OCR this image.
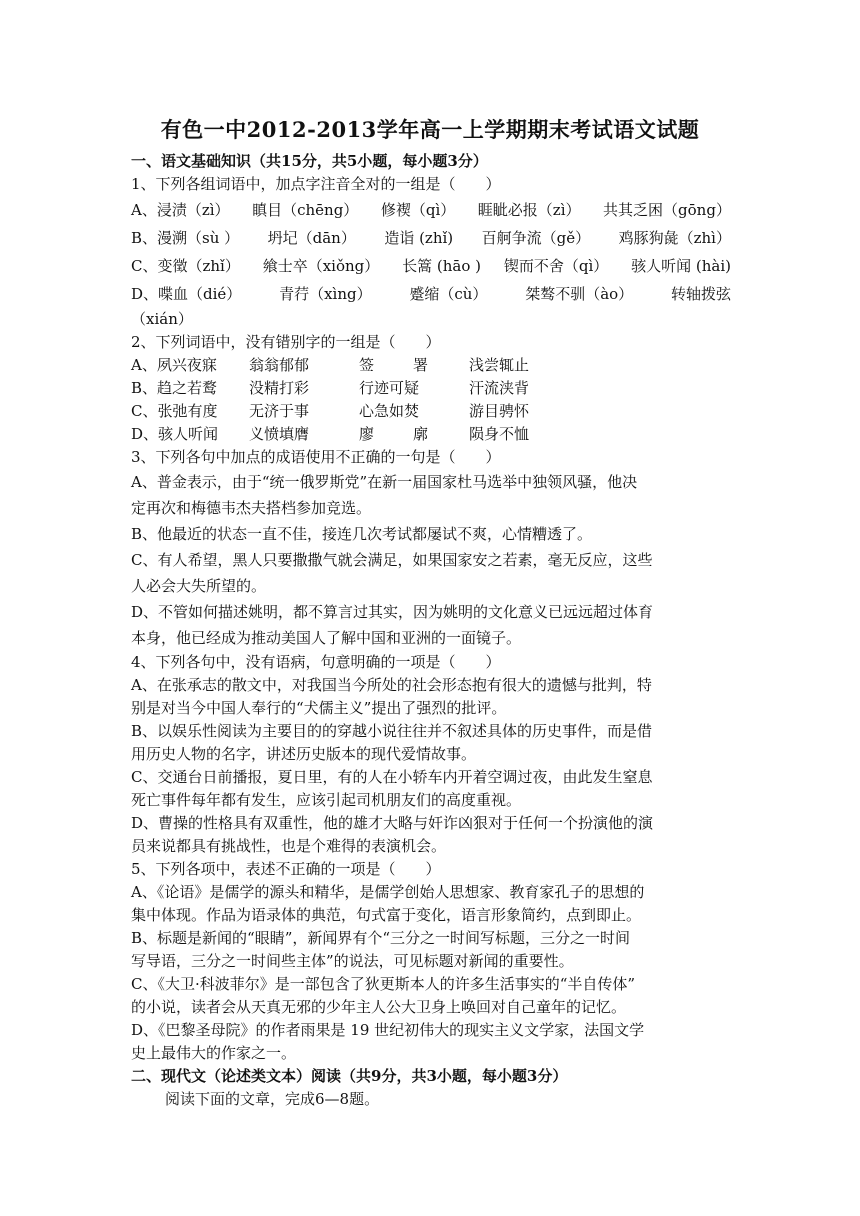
有色一中2012-2013学年高一上学期期末考试语文试题
一、语文基础知识（共15分，共5小题，每小题3分）
1、下列各组词语中，加点字注音全对的一组是（　　）
A、浸渍（zì） 瞋目（chēng） 修褉（qì） 睚眦必报（zì） 共其乏困（gōng）
B、漫溯（sù ） 坍圮（dān） 造诣 (zhǐ) 百舸争流（gě） 鸡豚狗彘（zhì）
C、变徵（zhǐ） 飨士卒（xiǒng） 长篙 (hāo ) 锲而不舍（qì） 骇人听闻 (hài)
D、喋血（dié）	青荇（xìng）	蹙缩（cù）	桀骜不驯（ào）	转轴拨弦
（xián）
2、下列词语中，没有错别字的一组是（　　）
A、夙兴夜寐 翁翁郁郁	签	署	浅尝辄止
B、趋之若鹜 没精打彩	行迹可疑	汗流浃背
C、张弛有度 无济于事	心急如焚	游目骋怀
D、骇人听闻 义愤填膺	廖	廓	陨身不恤
3、下列各句中加点的成语使用不正确的一句是（　　）
A、普金表示，由于“统一俄罗斯党”在新一届国家杜马选举中独领风骚，他决
定再次和梅德韦杰夫搭档参加竞选。
B、他最近的状态一直不佳，接连几次考试都屡试不爽，心情糟透了。
C、有人希望，黑人只要撒撒气就会满足，如果国家安之若素，毫无反应，这些
人必会大失所望的。
D、不管如何描述姚明，都不算言过其实，因为姚明的文化意义已远远超过体育
本身，他已经成为推动美国人了解中国和亚洲的一面镜子。
4、下列各句中，没有语病，句意明确的一项是（　　）
A、在张承志的散文中，对我国当今所处的社会形态抱有很大的遗憾与批判，特
别是对当今中国人奉行的“犬儒主义”提出了强烈的批评。
B、以娱乐性阅读为主要目的的穿越小说往往并不叙述具体的历史事件，而是借
用历史人物的名字，讲述历史版本的现代爱情故事。
C、交通台日前播报，夏日里，有的人在小轿车内开着空调过夜，由此发生窒息
死亡事件每年都有发生，应该引起司机朋友们的高度重视。
D、曹操的性格具有双重性，他的雄才大略与奸诈凶狠对于任何一个扮演他的演
员来说都具有挑战性，也是个难得的表演机会。
5、下列各项中，表述不正确的一项是（　　）
A、《论语》是儒学的源头和精华，是儒学创始人思想家、教育家孔子的思想的
集中体现。作品为语录体的典范，句式富于变化，语言形象简约，点到即止。
B、标题是新闻的“眼睛”，新闻界有个“三分之一时间写标题，三分之一时间
写导语，三分之一时间些主体”的说法，可见标题对新闻的重要性。
C、《大卫·科波菲尔》是一部包含了狄更斯本人的许多生活事实的“半自传体”
的小说，读者会从天真无邪的少年主人公大卫身上唤回对自己童年的记忆。
D、《巴黎圣母院》的作者雨果是 19 世纪初伟大的现实主义文学家，法国文学
史上最伟大的作家之一。
二、现代文（论述类文本）阅读（共9分，共3小题，每小题3分）
阅读下面的文章，完成6—8题。
